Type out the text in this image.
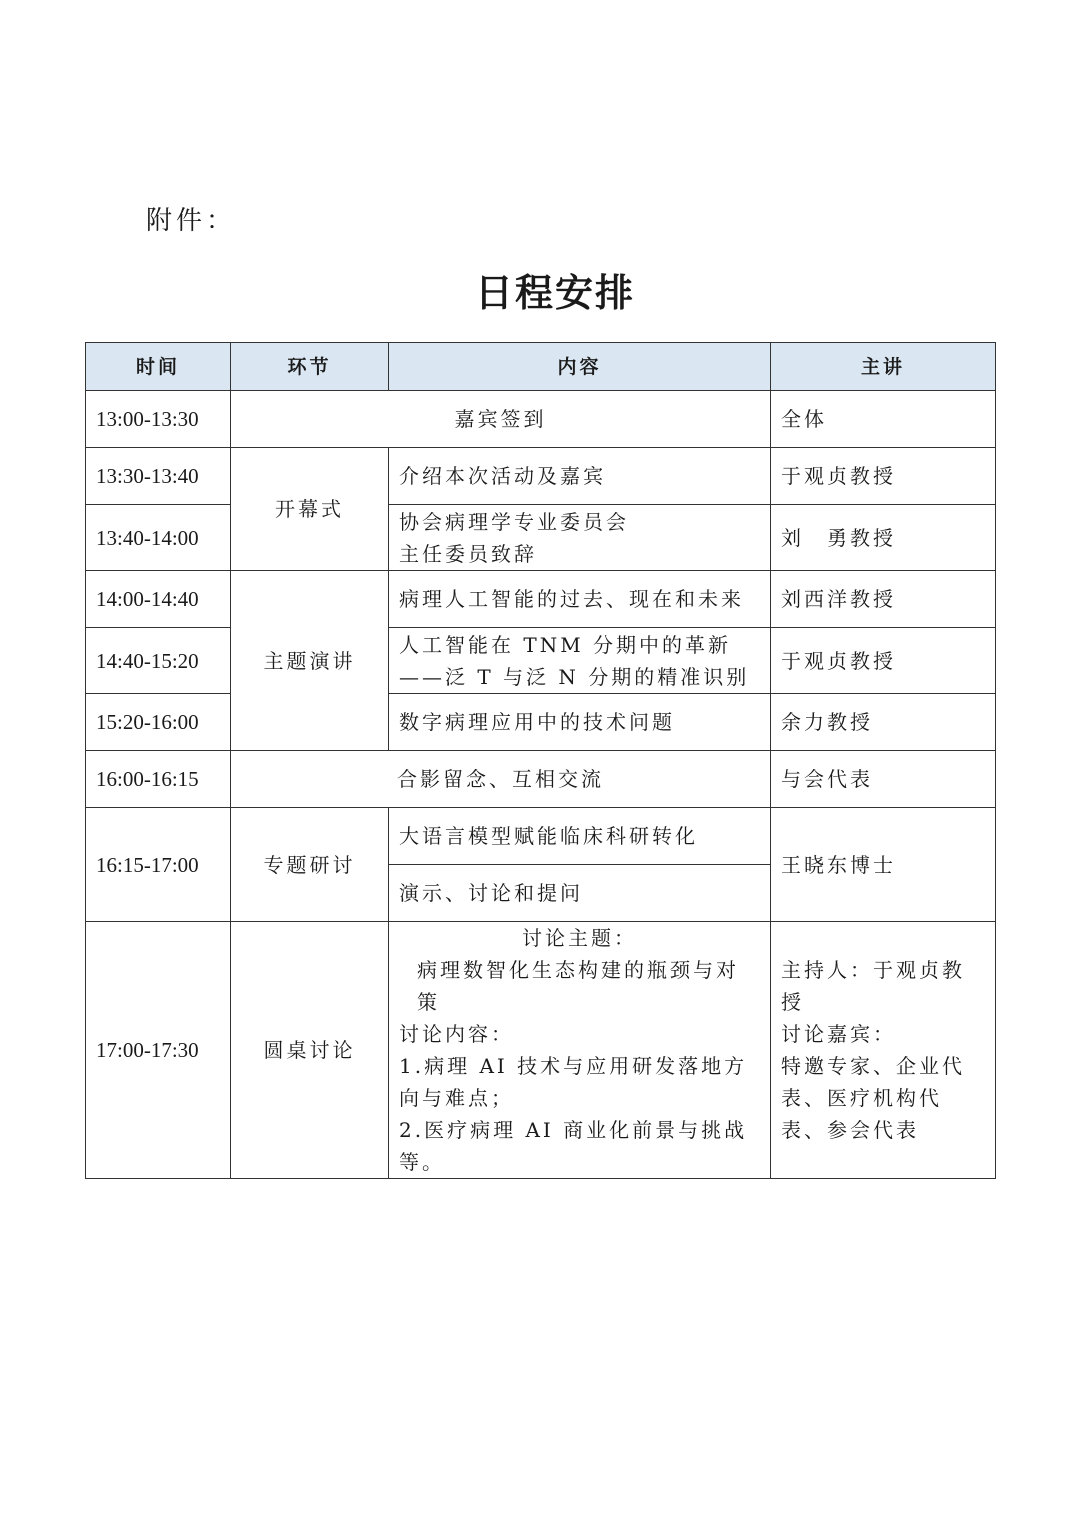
附件：
日程安排
时间	环节	内容	主讲
13:00-13:30	嘉宾签到		全体
13:30-13:40	开幕式	介绍本次活动及嘉宾	于观贞教授
13:40-14:00		协会病理学专业委员会
主任委员致辞	刘　勇教授
14:00-14:40	主题演讲	病理人工智能的过去、现在和未来	刘西洋教授
14:40-15:20		人工智能在 TNM 分期中的革新
——泛 T 与泛 N 分期的精准识别	于观贞教授
15:20-16:00		数字病理应用中的技术问题	余力教授
16:00-16:15	合影留念、互相交流		与会代表
16:15-17:00	专题研讨	大语言模型赋能临床科研转化	王晓东博士
		演示、讨论和提问	
17:00-17:30	圆桌讨论	讨论主题：
病理数智化生态构建的瓶颈与对策
讨论内容：
1.病理 AI 技术与应用研发落地方向与难点；
2.医疗病理 AI 商业化前景与挑战等。	主持人：于观贞教授
讨论嘉宾：
特邀专家、企业代表、医疗机构代表、参会代表
